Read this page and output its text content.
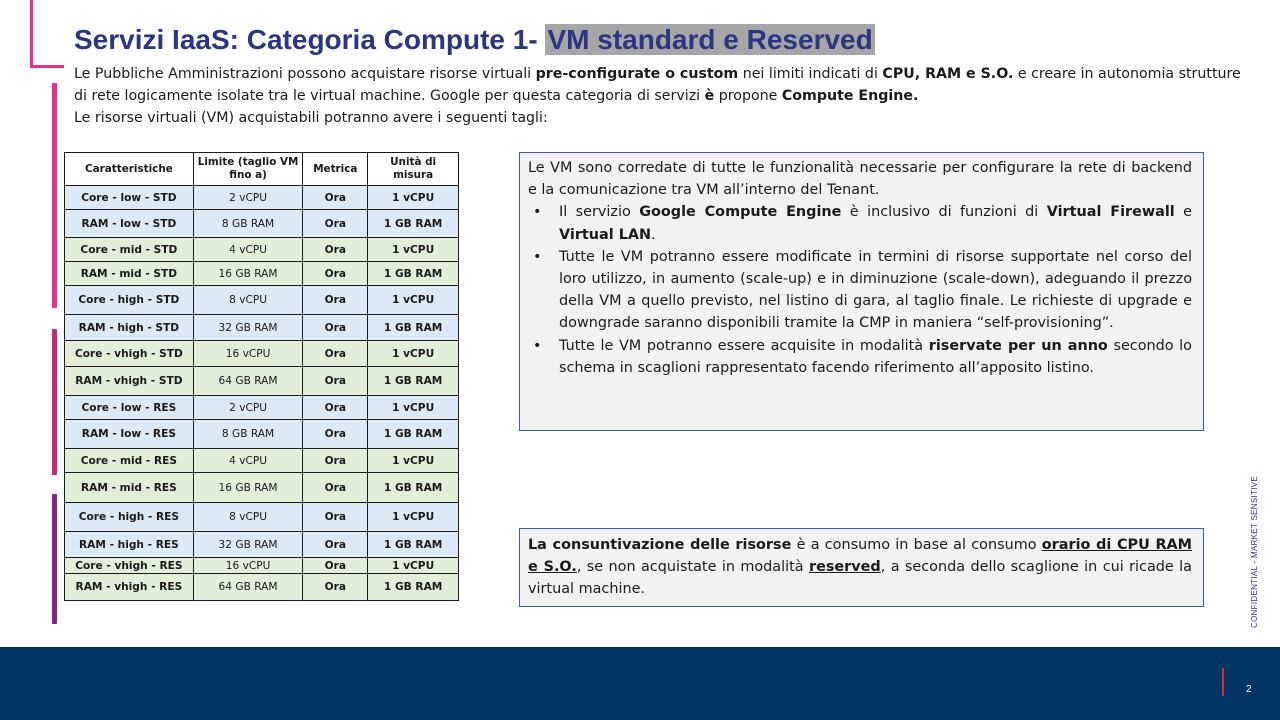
Servizi IaaS: Categoria Compute 1- VM standard e Reserved

Le Pubbliche Amministrazioni possono acquistare risorse virtuali pre-configurate o custom nei limiti indicati di CPU, RAM e S.O. e creare in autonomia strutture

di rete logicamente isolate tra le virtual machine. Google per questa categoria di servizi è propone Compute Engine.

Le risorse virtuali (VM) acquistabili potranno avere i seguenti tagli:

Caratteristiche	Limite (taglio VM fino a)	Metrica	Unità di misura
Core - low - STD	2 vCPU	Ora	1 vCPU
RAM - low - STD	8 GB RAM	Ora	1 GB RAM
Core - mid - STD	4 vCPU	Ora	1 vCPU
RAM - mid - STD	16 GB RAM	Ora	1 GB RAM
Core - high - STD	8 vCPU	Ora	1 vCPU
RAM - high - STD	32 GB RAM	Ora	1 GB RAM
Core - vhigh - STD	16 vCPU	Ora	1 vCPU
RAM - vhigh - STD	64 GB RAM	Ora	1 GB RAM
Core - low - RES	2 vCPU	Ora	1 vCPU
RAM - low - RES	8 GB RAM	Ora	1 GB RAM
Core - mid - RES	4 vCPU	Ora	1 vCPU
RAM - mid - RES	16 GB RAM	Ora	1 GB RAM
Core - high - RES	8 vCPU	Ora	1 vCPU
RAM - high - RES	32 GB RAM	Ora	1 GB RAM
Core - vhigh - RES	16 vCPU	Ora	1 vCPU
RAM - vhigh - RES	64 GB RAM	Ora	1 GB RAM

Le VM sono corredate di tutte le funzionalità necessarie per configurare la rete di backend e la comunicazione tra VM all’interno del Tenant.

• Il servizio Google Compute Engine è inclusivo di funzioni di Virtual Firewall e Virtual LAN.
• Tutte le VM potranno essere modificate in termini di risorse supportate nel corso del loro utilizzo, in aumento (scale-up) e in diminuzione (scale-down), adeguando il prezzo della VM a quello previsto, nel listino di gara, al taglio finale. Le richieste di upgrade e downgrade saranno disponibili tramite la CMP in maniera “self-provisioning”.
• Tutte le VM potranno essere acquisite in modalità riservate per un anno secondo lo schema in scaglioni rappresentato facendo riferimento all’apposito listino.

La consuntivazione delle risorse è a consumo in base al consumo orario di CPU RAM e S.O., se non acquistate in modalità reserved, a seconda dello scaglione in cui ricade la virtual machine.	CONFIDENTIAL - MARKET SENSITIVE
2
